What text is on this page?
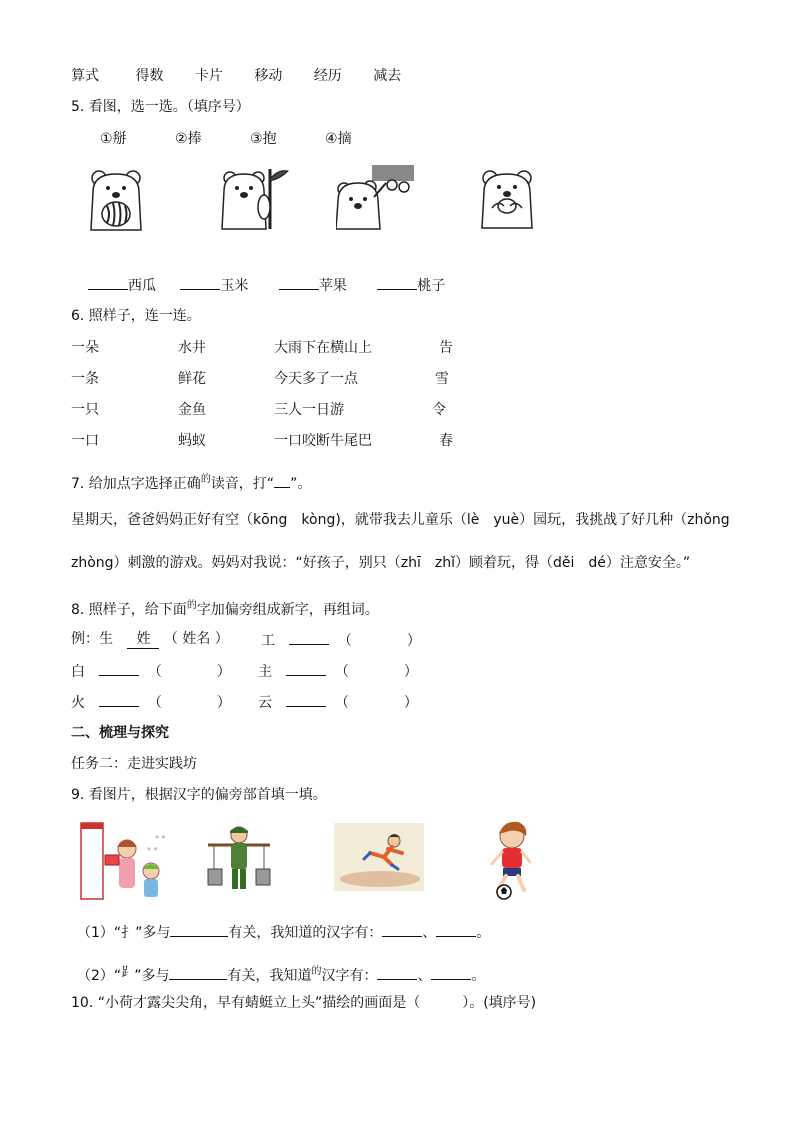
算式	得数 卡片 移动 经历 减去
5. 看图，选一选。（填序号）
①掰	②捧	③抱	④摘
西瓜	玉米	苹果	桃子
6. 照样子，连一连。
一朵	水井	大雨下在横山上	告
一条	鲜花	今天多了一点	雪
一只	金鱼	三人一日游	令
一口	蚂蚁	一口咬断牛尾巴	春
7. 给加点字选择正确$^的$读音，打“ ”。
星期天，爸爸妈妈正好有空（kōng　kòng)，就带我去儿童乐（lè　yuè）园玩，我挑战了好几种（zhǒng
zhòng）刺激的游戏。妈妈对我说：“好孩子，别只（zhī　zhǐ）顾着玩，得（děi　dé）注意安全。”
8. 照样子，给下面$^的$字加偏旁组成新字，再组词。
例：生 姓 （ 姓名 ） 工	（	）
白	（	） 主	（	）
火	（	） 云	（	）
二、梳理与探究
任务二：走进实践坊
9. 看图片，根据汉字的偏旁部首填一填。
* *
* *
（1）“扌”多与	有关，我知道的汉字有：	、	。
（2）“⻊”多与	有关，我知道$^的$汉字有：	、	。
10. “小荷才露尖尖角，早有蜻蜓立上头”描绘的画面是（　　　）。(填序号)
